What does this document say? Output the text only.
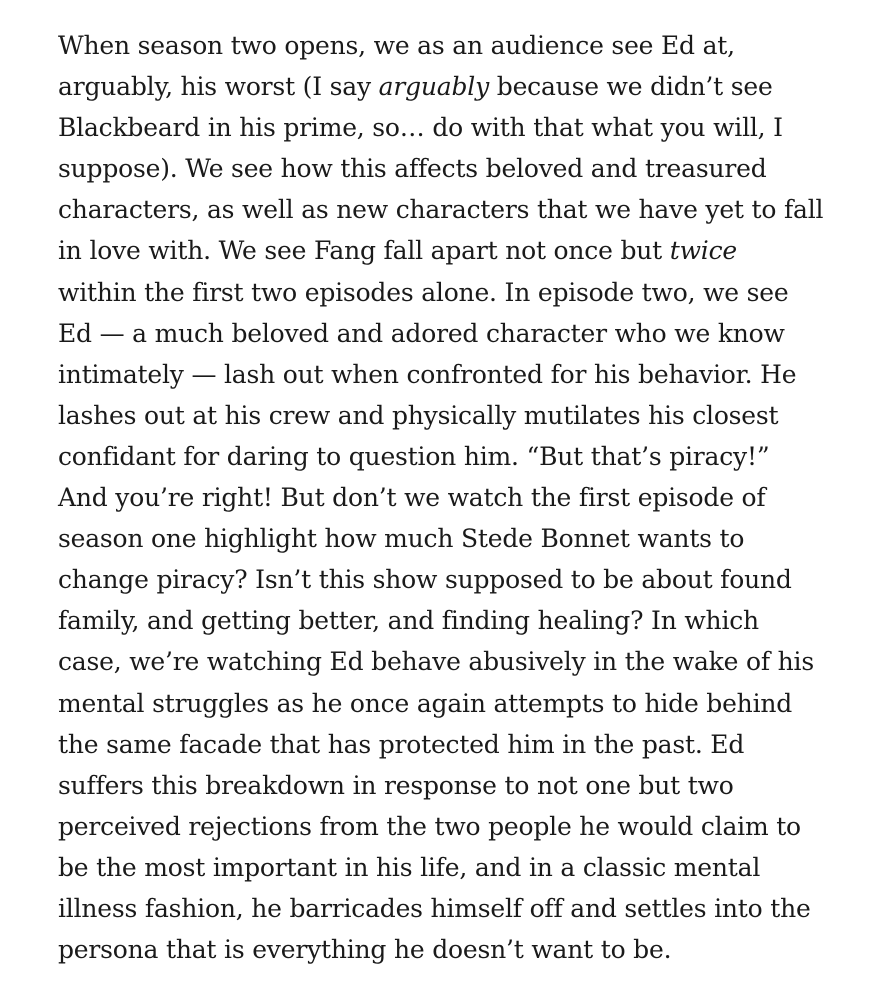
When season two opens, we as an audience see Ed at,
arguably, his worst (I say arguably because we didn’t see
Blackbeard in his prime, so… do with that what you will, I
suppose). We see how this affects beloved and treasured
characters, as well as new characters that we have yet to fall
in love with. We see Fang fall apart not once but twice
within the first two episodes alone. In episode two, we see
Ed — a much beloved and adored character who we know
intimately — lash out when confronted for his behavior. He
lashes out at his crew and physically mutilates his closest
confidant for daring to question him. “But that’s piracy!”
And you’re right! But don’t we watch the first episode of
season one highlight how much Stede Bonnet wants to
change piracy? Isn’t this show supposed to be about found
family, and getting better, and finding healing? In which
case, we’re watching Ed behave abusively in the wake of his
mental struggles as he once again attempts to hide behind
the same facade that has protected him in the past. Ed
suffers this breakdown in response to not one but two
perceived rejections from the two people he would claim to
be the most important in his life, and in a classic mental
illness fashion, he barricades himself off and settles into the
persona that is everything he doesn’t want to be.
